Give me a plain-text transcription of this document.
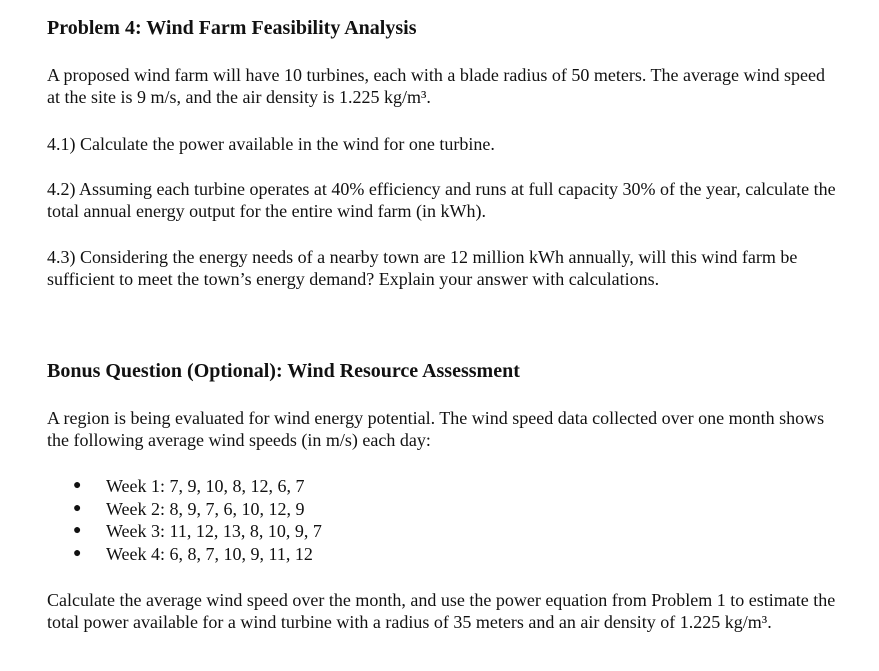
Problem 4: Wind Farm Feasibility Analysis

A proposed wind farm will have 10 turbines, each with a blade radius of 50 meters. The average wind speed at the site is 9 m/s, and the air density is 1.225 kg/m³.

4.1) Calculate the power available in the wind for one turbine.

4.2) Assuming each turbine operates at 40% efficiency and runs at full capacity 30% of the year, calculate the total annual energy output for the entire wind farm (in kWh).

4.3) Considering the energy needs of a nearby town are 12 million kWh annually, will this wind farm be sufficient to meet the town’s energy demand? Explain your answer with calculations.

Bonus Question (Optional): Wind Resource Assessment

A region is being evaluated for wind energy potential. The wind speed data collected over one month shows the following average wind speeds (in m/s) each day:

● Week 1: 7, 9, 10, 8, 12, 6, 7
● Week 2: 8, 9, 7, 6, 10, 12, 9
● Week 3: 11, 12, 13, 8, 10, 9, 7
● Week 4: 6, 8, 7, 10, 9, 11, 12

Calculate the average wind speed over the month, and use the power equation from Problem 1 to estimate the total power available for a wind turbine with a radius of 35 meters and an air density of 1.225 kg/m³.
